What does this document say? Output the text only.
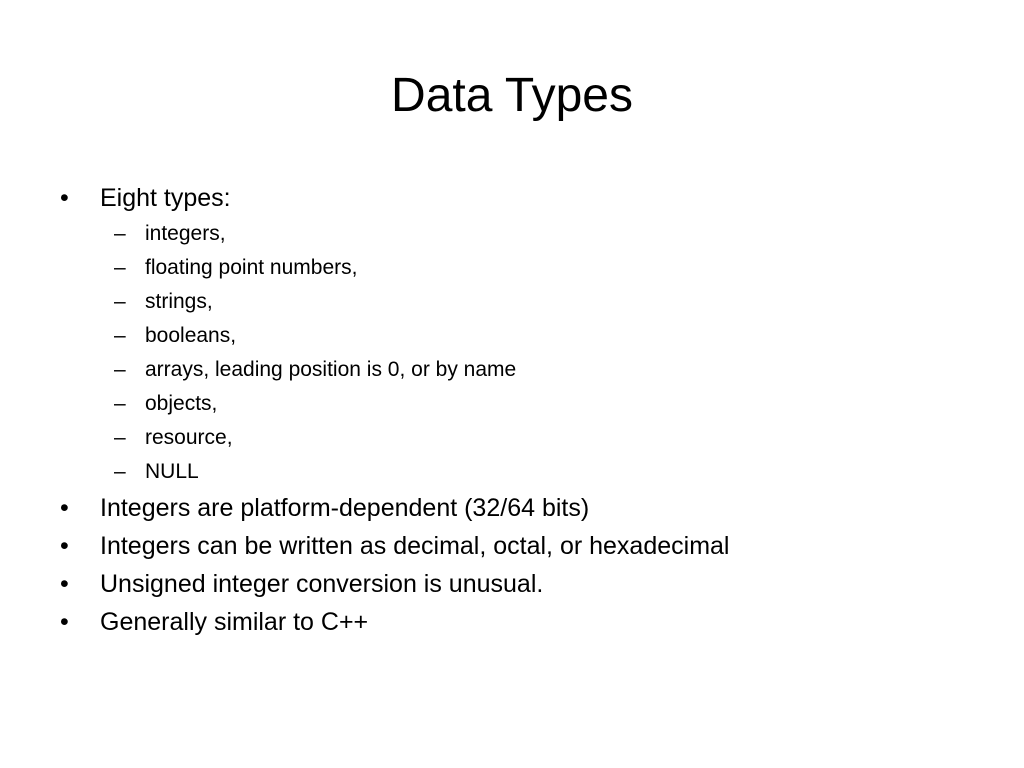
Data Types
• Eight types:
– integers,
– floating point numbers,
– strings,
– booleans,
– arrays, leading position is 0, or by name
– objects,
– resource,
– NULL
• Integers are platform-dependent (32/64 bits)
• Integers can be written as decimal, octal, or hexadecimal
• Unsigned integer conversion is unusual.
• Generally similar to C++
